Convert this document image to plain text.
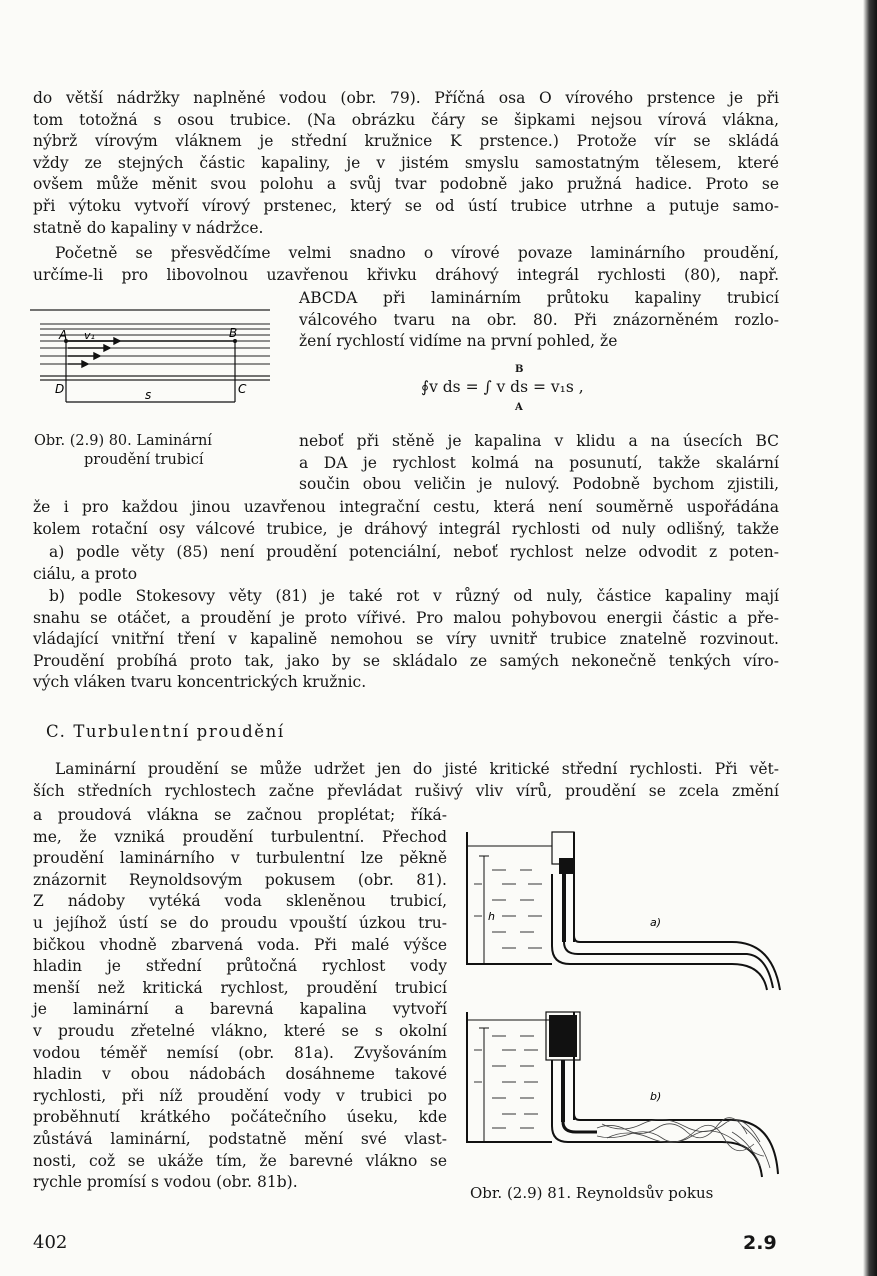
do větší nádržky naplněné vodou (obr. 79). Příčná osa O vírového prstence je při
tom totožná s osou trubice. (Na obrázku čáry se šipkami nejsou vírová vlákna,
nýbrž vírovým vláknem je střední kružnice K prstence.) Protože vír se skládá
vždy ze stejných částic kapaliny, je v jistém smyslu samostatným tělesem, které
ovšem může měnit svou polohu a svůj tvar podobně jako pružná hadice. Proto se
při výtoku vytvoří vírový prstenec, který se od ústí trubice utrhne a putuje samo-
statně do kapaliny v nádržce.
Početně se přesvědčíme velmi snadno o vírové povaze laminárního proudění,
určíme-li pro libovolnou uzavřenou křivku dráhový integrál rychlosti (80), např.
ABCDA při laminárním průtoku kapaliny trubicí
válcového tvaru na obr. 80. Při znázorněném rozlo-
žení rychlostí vidíme na první pohled, že
B
∮v ds = ∫ v ds = v₁s ,
A
A v₁	B
D	C
s
Obr. (2.9) 80. Laminární
proudění trubicí
neboť při stěně je kapalina v klidu a na úsecích BC
a DA je rychlost kolmá na posunutí, takže skalární
součin obou veličin je nulový. Podobně bychom zjistili,
že i pro každou jinou uzavřenou integrační cestu, která není souměrně uspořádána
kolem rotační osy válcové trubice, je dráhový integrál rychlosti od nuly odlišný, takže
a) podle věty (85) není proudění potenciální, neboť rychlost nelze odvodit z poten-
ciálu, a proto
b) podle Stokesovy věty (81) je také rot v různý od nuly, částice kapaliny mají
snahu se otáčet, a proudění je proto vířivé. Pro malou pohybovou energii částic a pře-
vládající vnitřní tření v kapalině nemohou se víry uvnitř trubice znatelně rozvinout.
Proudění probíhá proto tak, jako by se skládalo ze samých nekonečně tenkých víro-
vých vláken tvaru koncentrických kružnic.
C. Turbulentní proudění
Laminární proudění se může udržet jen do jisté kritické střední rychlosti. Při vět-
ších středních rychlostech začne převládat rušivý vliv vírů, proudění se zcela změní
a proudová vlákna se začnou proplétat; říká-
me, že vzniká proudění turbulentní. Přechod
proudění laminárního v turbulentní lze pěkně
znázornit Reynoldsovým pokusem (obr. 81).
Z nádoby vytéká voda skleněnou trubicí,
u jejíhož ústí se do proudu vpouští úzkou tru-
bičkou vhodně zbarvená voda. Při malé výšce
hladin je střední průtočná rychlost vody
menší než kritická rychlost, proudění trubicí
je laminární a barevná kapalina vytvoří
v proudu zřetelné vlákno, které se s okolní
vodou téměř nemísí (obr. 81a). Zvyšováním
hladin v obou nádobách dosáhneme takové
rychlosti, při níž proudění vody v trubici po
proběhnutí krátkého počátečního úseku, kde
zůstává laminární, podstatně mění své vlast-
nosti, což se ukáže tím, že barevné vlákno se
rychle promísí s vodou (obr. 81b).
h	a)
b)
Obr. (2.9) 81. Reynoldsův pokus
402	2.9
